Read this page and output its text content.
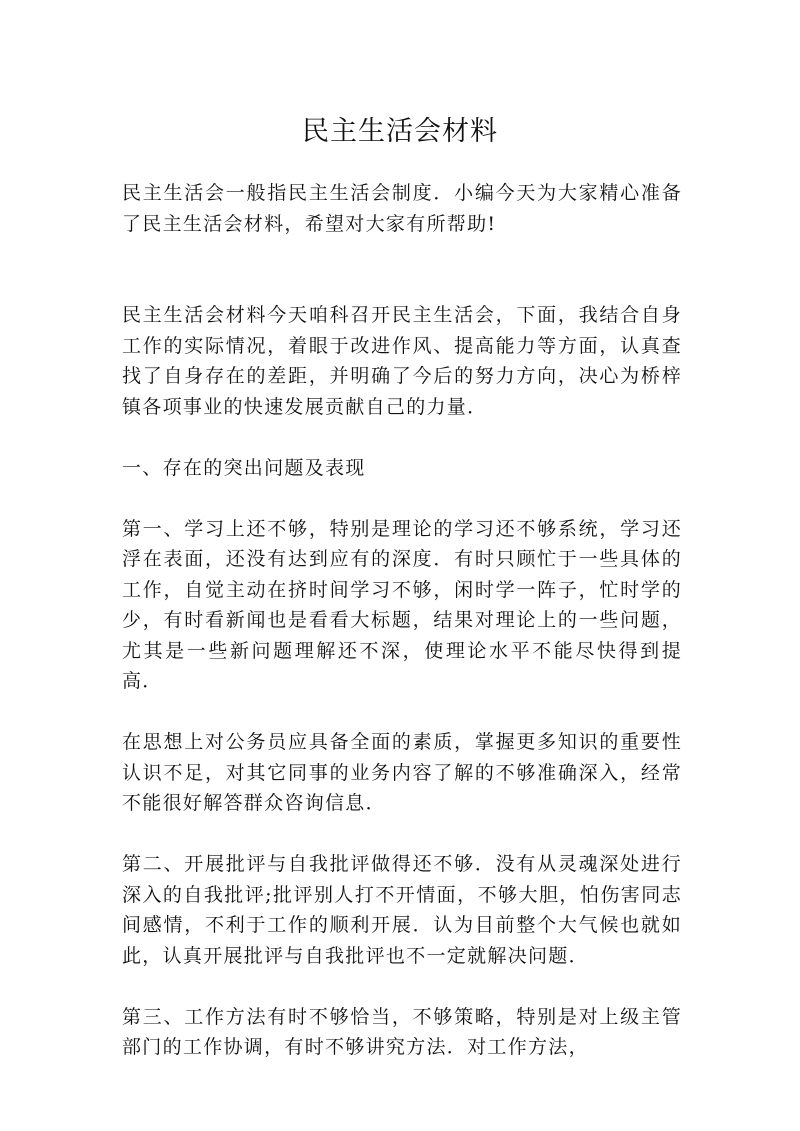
民主生活会材料

民主生活会一般指民主生活会制度．小编今天为大家精心准备了民主生活会材料，希望对大家有所帮助!

民主生活会材料今天咱科召开民主生活会，下面，我结合自身工作的实际情况，着眼于改进作风、提高能力等方面，认真查找了自身存在的差距，并明确了今后的努力方向，决心为桥梓镇各项事业的快速发展贡献自己的力量．

一、存在的突出问题及表现

第一、学习上还不够，特别是理论的学习还不够系统，学习还浮在表面，还没有达到应有的深度．有时只顾忙于一些具体的工作，自觉主动在挤时间学习不够，闲时学一阵子，忙时学的少，有时看新闻也是看看大标题，结果对理论上的一些问题，尤其是一些新问题理解还不深，使理论水平不能尽快得到提高．

在思想上对公务员应具备全面的素质，掌握更多知识的重要性认识不足，对其它同事的业务内容了解的不够准确深入，经常不能很好解答群众咨询信息．

第二、开展批评与自我批评做得还不够．没有从灵魂深处进行深入的自我批评;批评别人打不开情面，不够大胆，怕伤害同志间感情，不利于工作的顺利开展．认为目前整个大气候也就如此，认真开展批评与自我批评也不一定就解决问题．

第三、工作方法有时不够恰当，不够策略，特别是对上级主管部门的工作协调，有时不够讲究方法．对工作方法，
